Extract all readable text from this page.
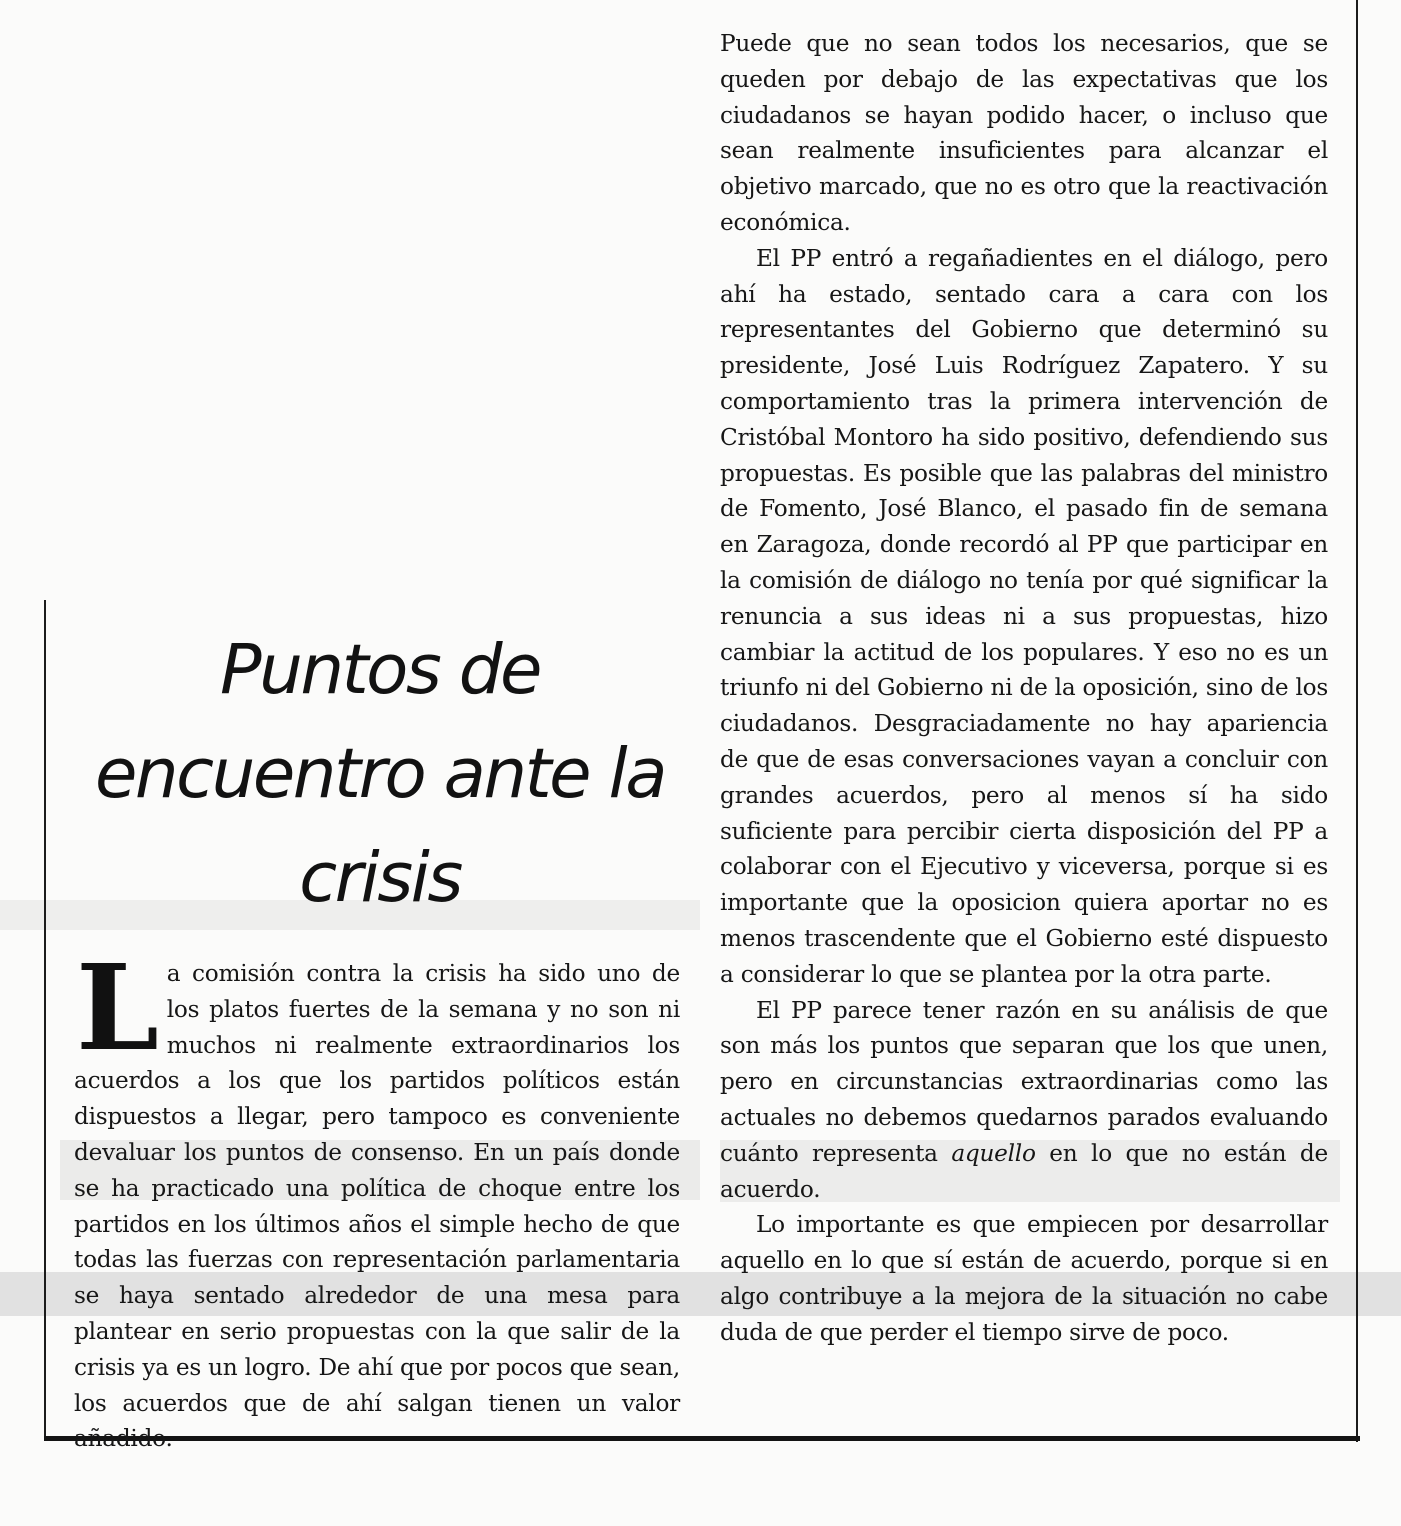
Puntos de encuentro ante la crisis

La comisión contra la crisis ha sido uno de los platos fuertes de la semana y no son ni muchos ni realmente extraordinarios los acuerdos a los que los partidos políticos están dispuestos a llegar, pero tampoco es conveniente devaluar los puntos de consenso. En un país donde se ha practicado una política de choque entre los partidos en los últimos años el simple hecho de que todas las fuerzas con representación parlamentaria se haya sentado alrededor de una mesa para plantear en serio propuestas con la que salir de la crisis ya es un logro. De ahí que por pocos que sean, los acuerdos que de ahí salgan tienen un valor añadido.

Puede que no sean todos los necesarios, que se queden por debajo de las expectativas que los ciudadanos se hayan podido hacer, o incluso que sean realmente insuficientes para alcanzar el objetivo marcado, que no es otro que la reactivación económica.

El PP entró a regañadientes en el diálogo, pero ahí ha estado, sentado cara a cara con los representantes del Gobierno que determinó su presidente, José Luis Rodríguez Zapatero. Y su comportamiento tras la primera intervención de Cristóbal Montoro ha sido positivo, defendiendo sus propuestas. Es posible que las palabras del ministro de Fomento, José Blanco, el pasado fin de semana en Zaragoza, donde recordó al PP que participar en la comisión de diálogo no tenía por qué significar la renuncia a sus ideas ni a sus propuestas, hizo cambiar la actitud de los populares. Y eso no es un triunfo ni del Gobierno ni de la oposición, sino de los ciudadanos. Desgraciadamente no hay apariencia de que de esas conversaciones vayan a concluir con grandes acuerdos, pero al menos sí ha sido suficiente para percibir cierta disposición del PP a colaborar con el Ejecutivo y viceversa, porque si es importante que la oposicion quiera aportar no es menos trascendente que el Gobierno esté dispuesto a considerar lo que se plantea por la otra parte.

El PP parece tener razón en su análisis de que son más los puntos que separan que los que unen, pero en circunstancias extraordinarias como las actuales no debemos quedarnos parados evaluando cuánto representa aquello en lo que no están de acuerdo.

Lo importante es que empiecen por desarrollar aquello en lo que sí están de acuerdo, porque si en algo contribuye a la mejora de la situación no cabe duda de que perder el tiempo sirve de poco.
